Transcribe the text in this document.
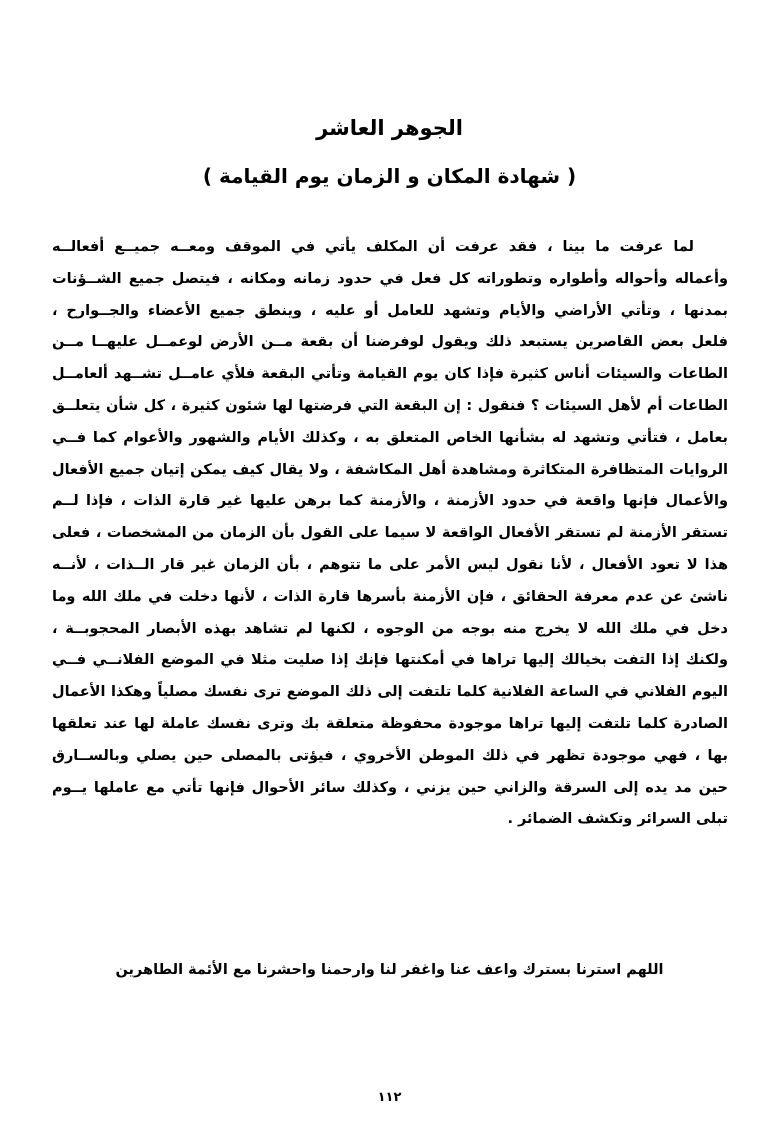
الجوهر العاشر
( شهادة المكان و الزمان يوم القيامة )
لما عرفت ما بينا ، فقد عرفت أن المكلف يأتي في الموقف ومعــه جميــع أفعالــه
وأعماله وأحواله وأطواره وتطوراته كل فعل في حدود زمانه ومكانه ، فيتصل جميع الشــؤنات
بمدنها ، وتأتي الأراضي والأيام وتشهد للعامل أو عليه ، وينطق جميع الأعضاء والجــوارح ،
فلعل بعض القاصرين يستبعد ذلك ويقول لوفرضنا أن بقعة مــن الأرض لوعمــل عليهــا مــن
الطاعات والسيئات أناس كثيرة فإذا كان يوم القيامة وتأتي البقعة فلأي عامــل تشــهد ألعامــل
الطاعات أم لأهل السيئات ؟ فنقول : إن البقعة التي فرضتها لها شئون كثيرة ، كل شأن يتعلــق
بعامل ، فتأتي وتشهد له بشأنها الخاص المتعلق به ، وكذلك الأيام والشهور والأعوام كما فــي
الروايات المتظافرة المتكاثرة ومشاهدة أهل المكاشفة ، ولا يقال كيف يمكن إتيان جميع الأفعال
والأعمال فإنها واقعة في حدود الأزمنة ، والأزمنة كما برهن عليها غير قارة الذات ، فإذا لــم
تستقر الأزمنة لم تستقر الأفعال الواقعة لا سيما على القول بأن الزمان من المشخصات ، فعلى
هذا لا تعود الأفعال ، لأنا نقول ليس الأمر على ما تتوهم ، بأن الزمان غير قار الــذات ، لأنــه
ناشئ عن عدم معرفة الحقائق ، فإن الأزمنة بأسرها قارة الذات ، لأنها دخلت في ملك الله وما
دخل في ملك الله لا يخرج منه بوجه من الوجوه ، لكنها لم تشاهد بهذه الأبصار المحجوبــة ،
ولكنك إذا التفت بخيالك إليها تراها في أمكنتها فإنك إذا صليت مثلا في الموضع الفلانــي فــي
اليوم الفلاني في الساعة الفلانية كلما تلتفت إلى ذلك الموضع ترى نفسك مصلياً وهكذا الأعمال
الصادرة كلما تلتفت إليها تراها موجودة محفوظة متعلقة بك وترى نفسك عاملة لها عند تعلقها
بها ، فهي موجودة تظهر في ذلك الموطن الأخروي ، فيؤتى بالمصلى حين يصلي وبالســارق
حين مد يده إلى السرقة والزاني حين يزني ، وكذلك سائر الأحوال فإنها تأتي مع عاملها يــوم
تبلى السرائر وتكشف الضمائر .

اللهم استرنا بسترك واعف عنا واغفر لنا وارحمنا واحشرنا مع الأئمة الطاهرين

١١٢
